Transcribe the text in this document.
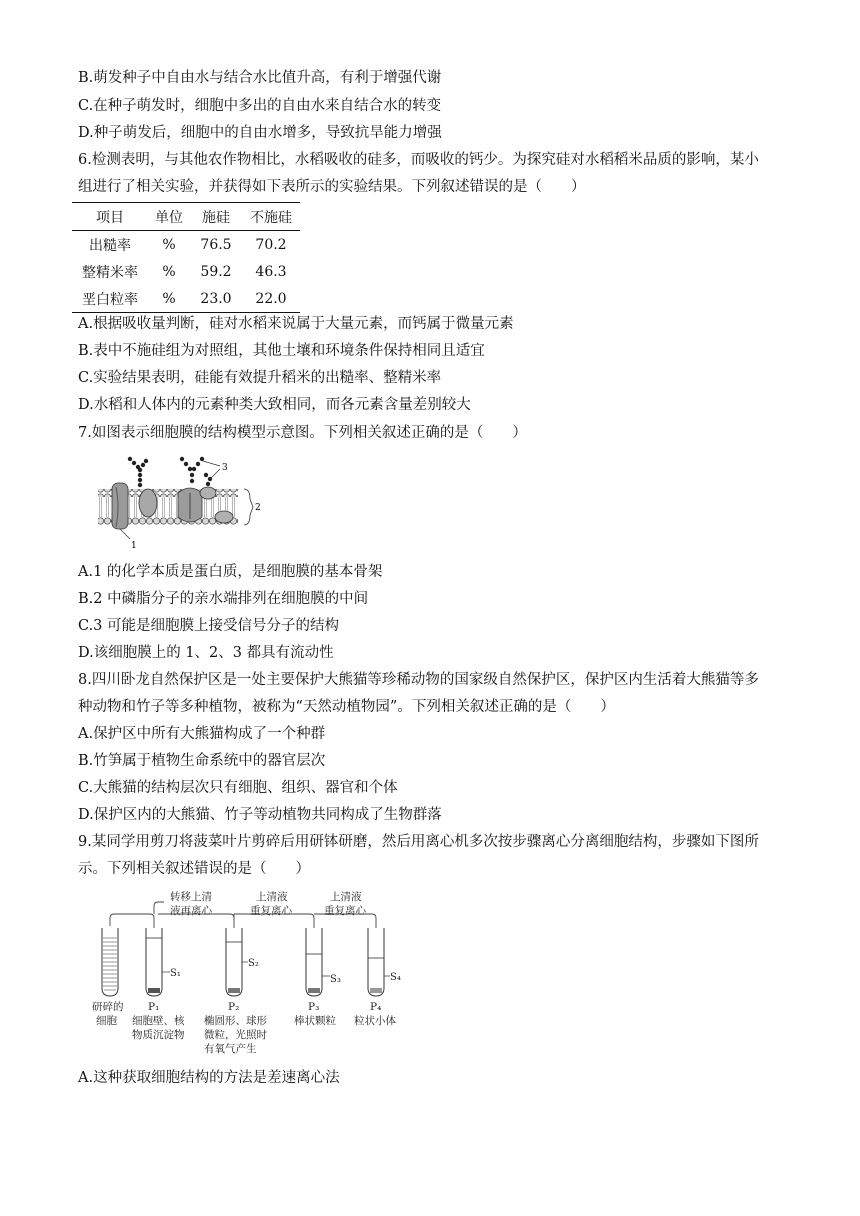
B.萌发种子中自由水与结合水比值升高，有利于增强代谢
C.在种子萌发时，细胞中多出的自由水来自结合水的转变
D.种子萌发后，细胞中的自由水增多，导致抗旱能力增强
6.检测表明，与其他农作物相比，水稻吸收的硅多，而吸收的钙少。为探究硅对水稻稻米品质的影响，某小
组进行了相关实验，并获得如下表所示的实验结果。下列叙述错误的是（　　）
项目	单位	施硅	不施硅
出糙率	%	76.5	70.2
整精米率	%	59.2	46.3
垩白粒率	%	23.0	22.0
A.根据吸收量判断，硅对水稻来说属于大量元素，而钙属于微量元素
B.表中不施硅组为对照组，其他土壤和环境条件保持相同且适宜
C.实验结果表明，硅能有效提升稻米的出糙率、整精米率
D.水稻和人体内的元素种类大致相同，而各元素含量差别较大
7.如图表示细胞膜的结构模型示意图。下列相关叙述正确的是（　　）
3
2
1
A.1 的化学本质是蛋白质，是细胞膜的基本骨架
B.2 中磷脂分子的亲水端排列在细胞膜的中间
C.3 可能是细胞膜上接受信号分子的结构
D.该细胞膜上的 1、2、3 都具有流动性
8.四川卧龙自然保护区是一处主要保护大熊猫等珍稀动物的国家级自然保护区，保护区内生活着大熊猫等多
种动物和竹子等多种植物，被称为“天然动植物园”。下列相关叙述正确的是（　　）
A.保护区中所有大熊猫构成了一个种群
B.竹笋属于植物生命系统中的器官层次
C.大熊猫的结构层次只有细胞、组织、器官和个体
D.保护区内的大熊猫、竹子等动植物共同构成了生物群落
9.某同学用剪刀将菠菜叶片剪碎后用研钵研磨，然后用离心机多次按步骤离心分离细胞结构，步骤如下图所
示。下列相关叙述错误的是（　　）
转移上清
液再离心
上清液
重复离心
上清液
重复离心
S₁
S₂
S₃	S₄
研碎的
细胞
P₁
细胞壁、核
物质沉淀物
P₂
椭圆形、球形
微粒，光照时
有氧气产生
P₃
棒状颗粒
P₄
粒状小体
A.这种获取细胞结构的方法是差速离心法
